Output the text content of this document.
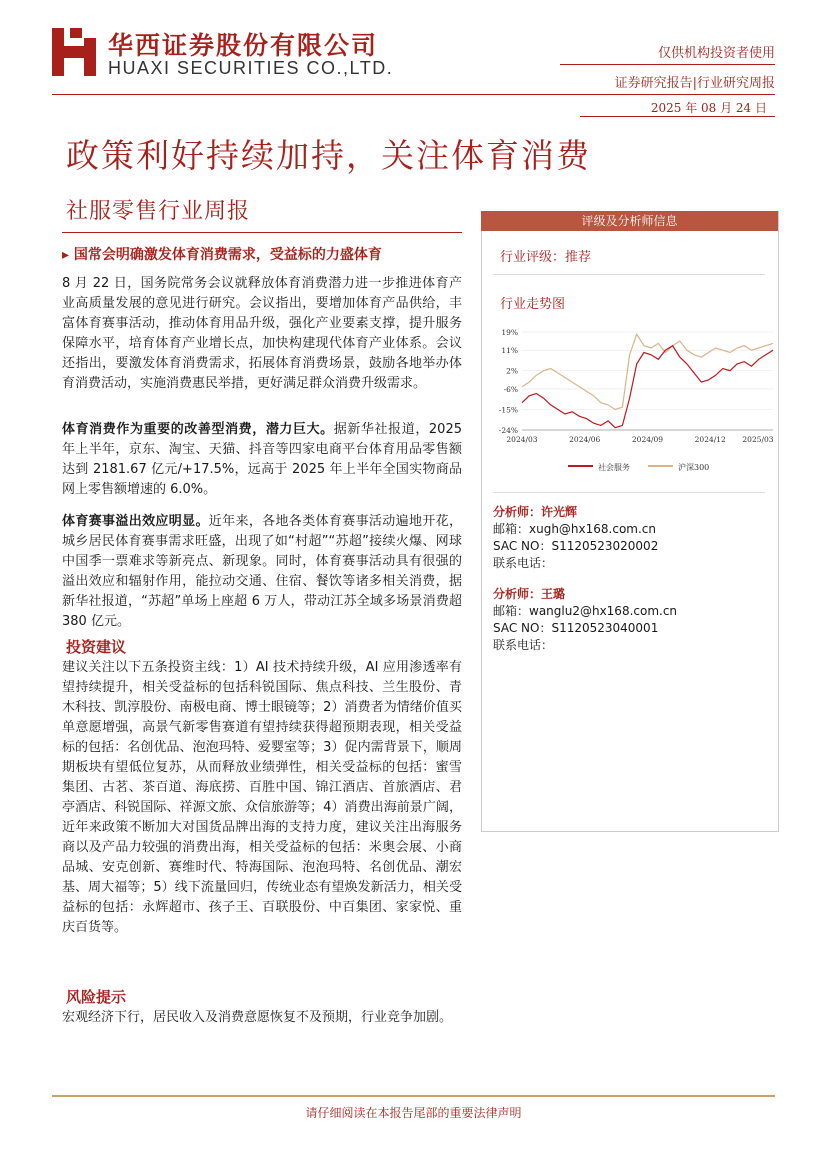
华西证券股份有限公司
HUAXI SECURITIES CO.,LTD.
仅供机构投资者使用
证券研究报告|行业研究周报
2025 年 08 月 24 日
政策利好持续加持，关注体育消费
社服零售行业周报
▸ 国常会明确激发体育消费需求，受益标的力盛体育
8 月 22 日，国务院常务会议就释放体育消费潜力进一步推进体育产业高质量发展的意见进行研究。会议指出，要增加体育产品供给，丰富体育赛事活动，推动体育用品升级，强化产业要素支撑，提升服务保障水平，培育体育产业增长点，加快构建现代体育产业体系。会议还指出，要激发体育消费需求，拓展体育消费场景，鼓励各地举办体育消费活动，实施消费惠民举措，更好满足群众消费升级需求。
体育消费作为重要的改善型消费，潜力巨大。据新华社报道，2025 年上半年，京东、淘宝、天猫、抖音等四家电商平台体育用品零售额达到 2181.67 亿元/+17.5%，远高于 2025 年上半年全国实物商品网上零售额增速的 6.0%。
体育赛事溢出效应明显。近年来，各地各类体育赛事活动遍地开花，城乡居民体育赛事需求旺盛，出现了如“村超”“苏超”接续火爆、网球中国季一票难求等新亮点、新现象。同时，体育赛事活动具有很强的溢出效应和辐射作用，能拉动交通、住宿、餐饮等诸多相关消费，据新华社报道，“苏超”单场上座超 6 万人，带动江苏全域多场景消费超 380 亿元。
投资建议
建议关注以下五条投资主线：1）AI 技术持续升级，AI 应用渗透率有望持续提升，相关受益标的包括科锐国际、焦点科技、兰生股份、青木科技、凯淳股份、南极电商、博士眼镜等；2）消费者为情绪价值买单意愿增强，高景气新零售赛道有望持续获得超预期表现，相关受益标的包括：名创优品、泡泡玛特、爱婴室等；3）促内需背景下，顺周期板块有望低位复苏，从而释放业绩弹性，相关受益标的包括：蜜雪集团、古茗、茶百道、海底捞、百胜中国、锦江酒店、首旅酒店、君亭酒店、科锐国际、祥源文旅、众信旅游等；4）消费出海前景广阔， 近年来政策不断加大对国货品牌出海的支持力度，建议关注出海服务商以及产品力较强的消费出海，相关受益标的包括：米奥会展、小商品城、安克创新、赛维时代、特海国际、泡泡玛特、名创优品、潮宏基、周大福等；5）线下流量回归，传统业态有望焕发新活力，相关受益标的包括：永辉超市、孩子王、百联股份、中百集团、家家悦、重庆百货等。
风险提示
宏观经济下行，居民收入及消费意愿恢复不及预期，行业竞争加剧。
评级及分析师信息
行业评级：推荐
行业走势图
19%
11%
2%
-6%
-15%
-24%
2024/03	2024/06	2024/09	2024/12 2025/03
社会服务	沪深300
分析师：许光辉
邮箱：xugh@hx168.com.cn
SAC NO：S1120523020002
联系电话：
分析师：王璐
邮箱：wanglu2@hx168.com.cn
SAC NO：S1120523040001
联系电话：
请仔细阅读在本报告尾部的重要法律声明
